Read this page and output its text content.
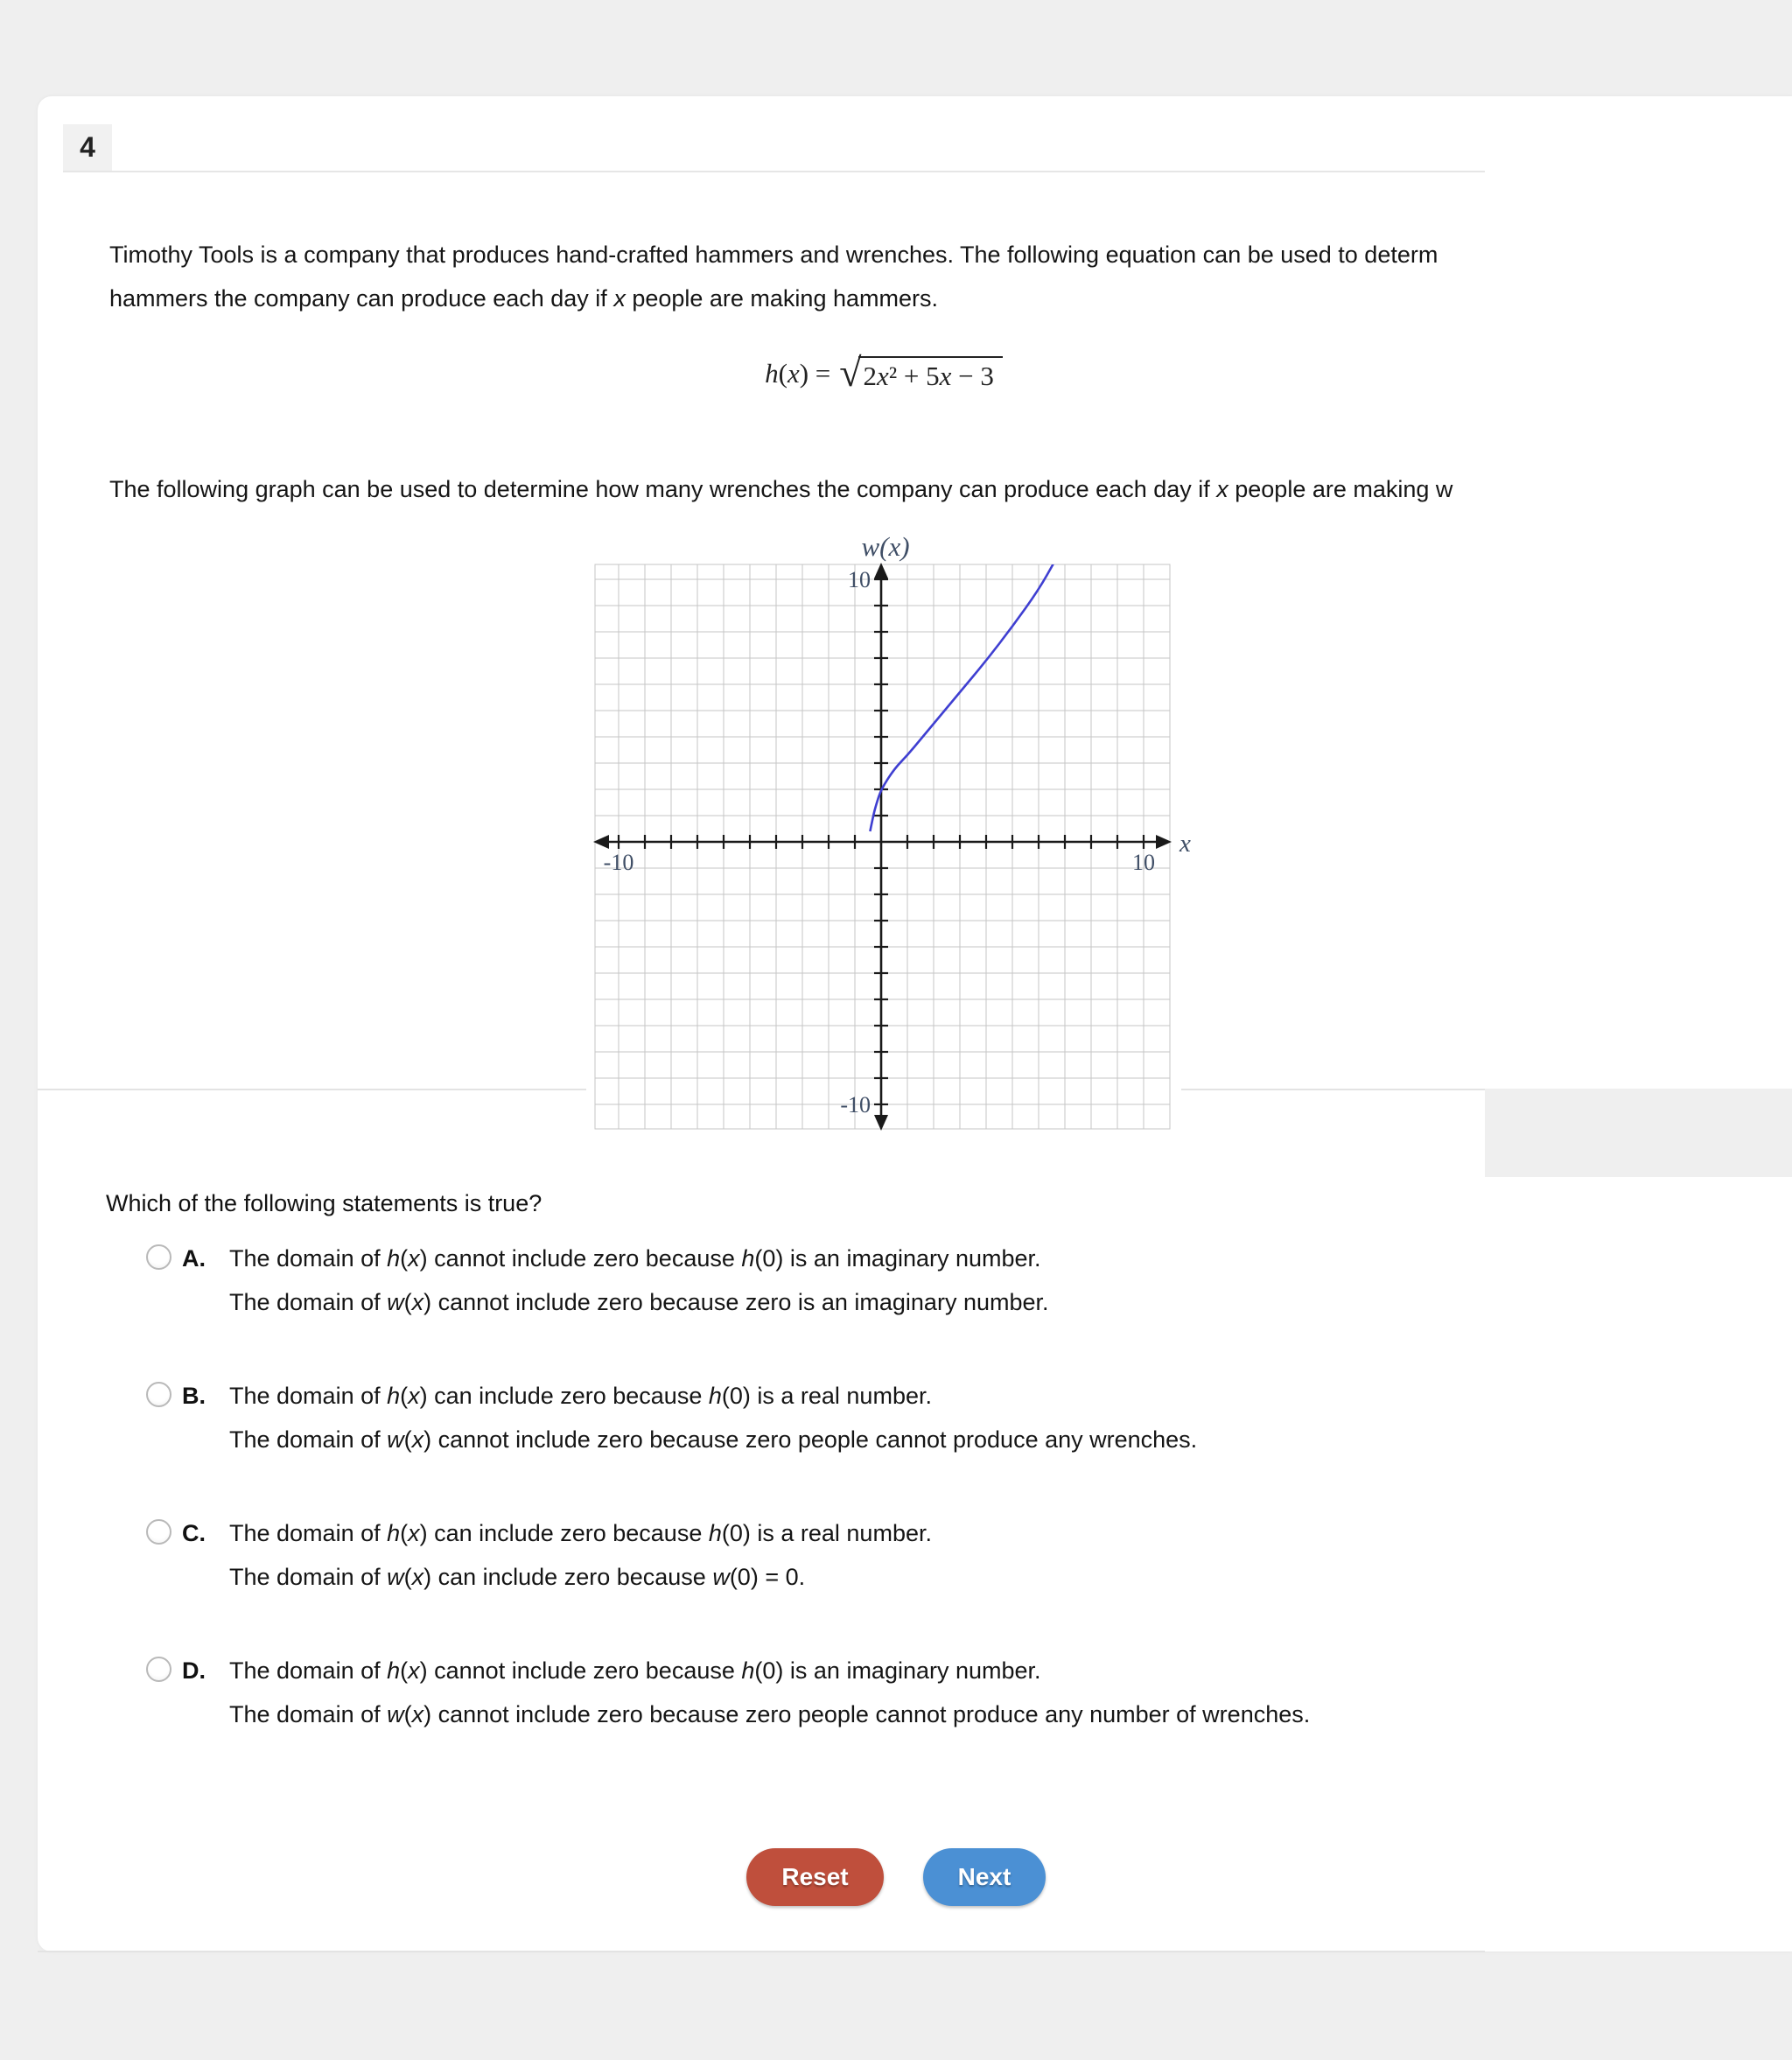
4
Timothy Tools is a company that produces hand-crafted hammers and wrenches. The following equation can be used to determ
hammers the company can produce each day if x people are making hammers.
h(x) = √ 2x² + 5x − 3
The following graph can be used to determine how many wrenches the company can produce each day if x people are making w
-10	10
-10
10
w(x)
x
Which of the following statements is true?
A.	The domain of h(x) cannot include zero because h(0) is an imaginary number.
The domain of w(x) cannot include zero because zero is an imaginary number.
B.	The domain of h(x) can include zero because h(0) is a real number.
The domain of w(x) cannot include zero because zero people cannot produce any wrenches.
C.	The domain of h(x) can include zero because h(0) is a real number.
The domain of w(x) can include zero because w(0) = 0.
D.	The domain of h(x) cannot include zero because h(0) is an imaginary number.
The domain of w(x) cannot include zero because zero people cannot produce any number of wrenches.
Reset	Next
